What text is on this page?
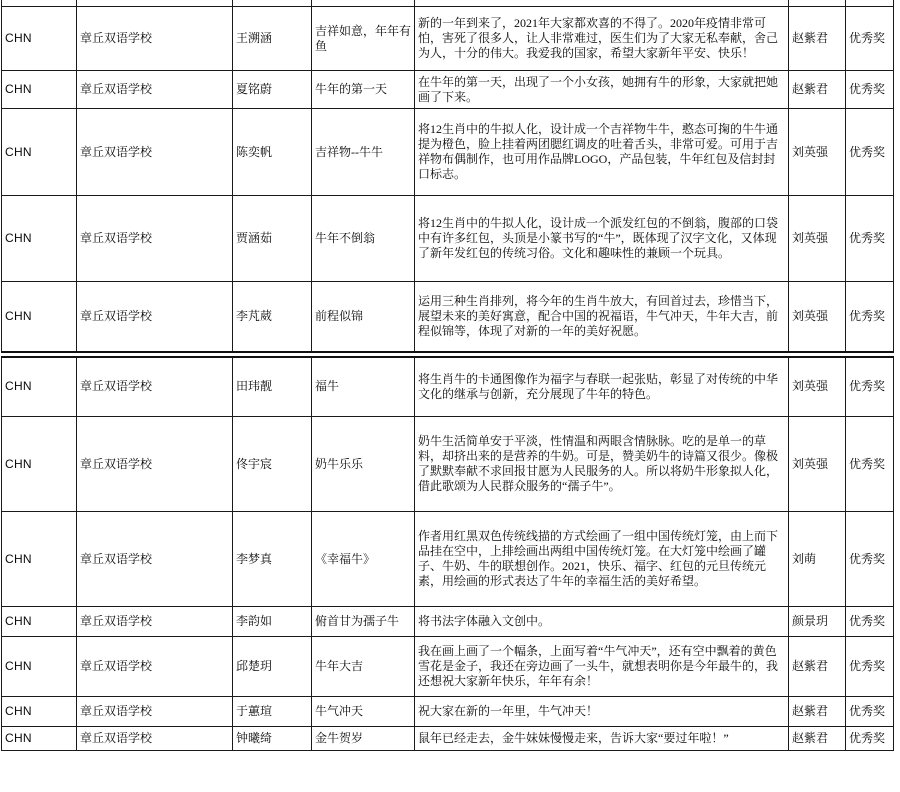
CHN	章丘双语学校	王溯涵	吉祥如意，年年有鱼	新的一年到来了，2021年大家都欢喜的不得了。2020年疫情非常可怕，害死了很多人，让人非常难过，医生们为了大家无私奉献，舍己为人，十分的伟大。我爱我的国家，希望大家新年平安、快乐！	赵紫君	优秀奖
CHN	章丘双语学校	夏铭蔚	牛年的第一天	在牛年的第一天，出现了一个小女孩，她拥有牛的形象，大家就把她画了下来。	赵紫君	优秀奖
CHN	章丘双语学校	陈奕帆	吉祥物--牛牛	将12生肖中的牛拟人化，设计成一个吉祥物牛牛，憨态可掬的牛牛通提为橙色，脸上挂着两团腮红调皮的吐着舌头，非常可爱。可用于吉祥物布偶制作，也可用作品牌LOGO，产品包装，牛年红包及信封封口标志。	刘英强	优秀奖
CHN	章丘双语学校	贾涵茹	牛年不倒翁	将12生肖中的牛拟人化，设计成一个派发红包的不倒翁，腹部的口袋中有许多红包，头顶是小篆书写的“牛”，既体现了汉字文化，又体现了新年发红包的传统习俗。文化和趣味性的兼顾一个玩具。	刘英强	优秀奖
CHN	章丘双语学校	李芃葳	前程似锦	运用三种生肖排列，将今年的生肖牛放大，有回首过去，珍惜当下，展望未来的美好寓意，配合中国的祝福语，牛气冲天，牛年大吉，前程似锦等，体现了对新的一年的美好祝愿。	刘英强	优秀奖
CHN	章丘双语学校	田玮靓	福牛	将生肖牛的卡通图像作为福字与春联一起张贴，彰显了对传统的中华文化的继承与创新，充分展现了牛年的特色。	刘英强	优秀奖
CHN	章丘双语学校	佟宇宸	奶牛乐乐	奶牛生活简单安于平淡，性情温和两眼含情脉脉。吃的是单一的草料，却挤出来的是营养的牛奶。可是，赞美奶牛的诗篇又很少。像极了默默奉献不求回报甘愿为人民服务的人。所以将奶牛形象拟人化，借此歌颂为人民群众服务的“孺子牛”。	刘英强	优秀奖
CHN	章丘双语学校	李梦真	《幸福牛》	作者用红黑双色传统线描的方式绘画了一组中国传统灯笼，由上而下品挂在空中，上排绘画出两组中国传统灯笼。在大灯笼中绘画了罐子、牛奶、牛的联想创作。2021，快乐、福字、红包的元旦传统元素，用绘画的形式表达了牛年的幸福生活的美好希望。	刘萌	优秀奖
CHN	章丘双语学校	李韵如	俯首甘为孺子牛	将书法字体融入文创中。	颜景玥	优秀奖
CHN	章丘双语学校	邱楚玥	牛年大吉	我在画上画了一个幅条，上面写着“牛气冲天”，还有空中飘着的黄色雪花是金子，我还在旁边画了一头牛，就想表明你是今年最牛的，我还想祝大家新年快乐，年年有余！	赵紫君	优秀奖
CHN	章丘双语学校	于蕙瑄	牛气冲天	祝大家在新的一年里，牛气冲天！	赵紫君	优秀奖
CHN	章丘双语学校	钟曦绮	金牛贺岁	鼠年已经走去，金牛妹妹慢慢走来，告诉大家“要过年啦！”	赵紫君	优秀奖
